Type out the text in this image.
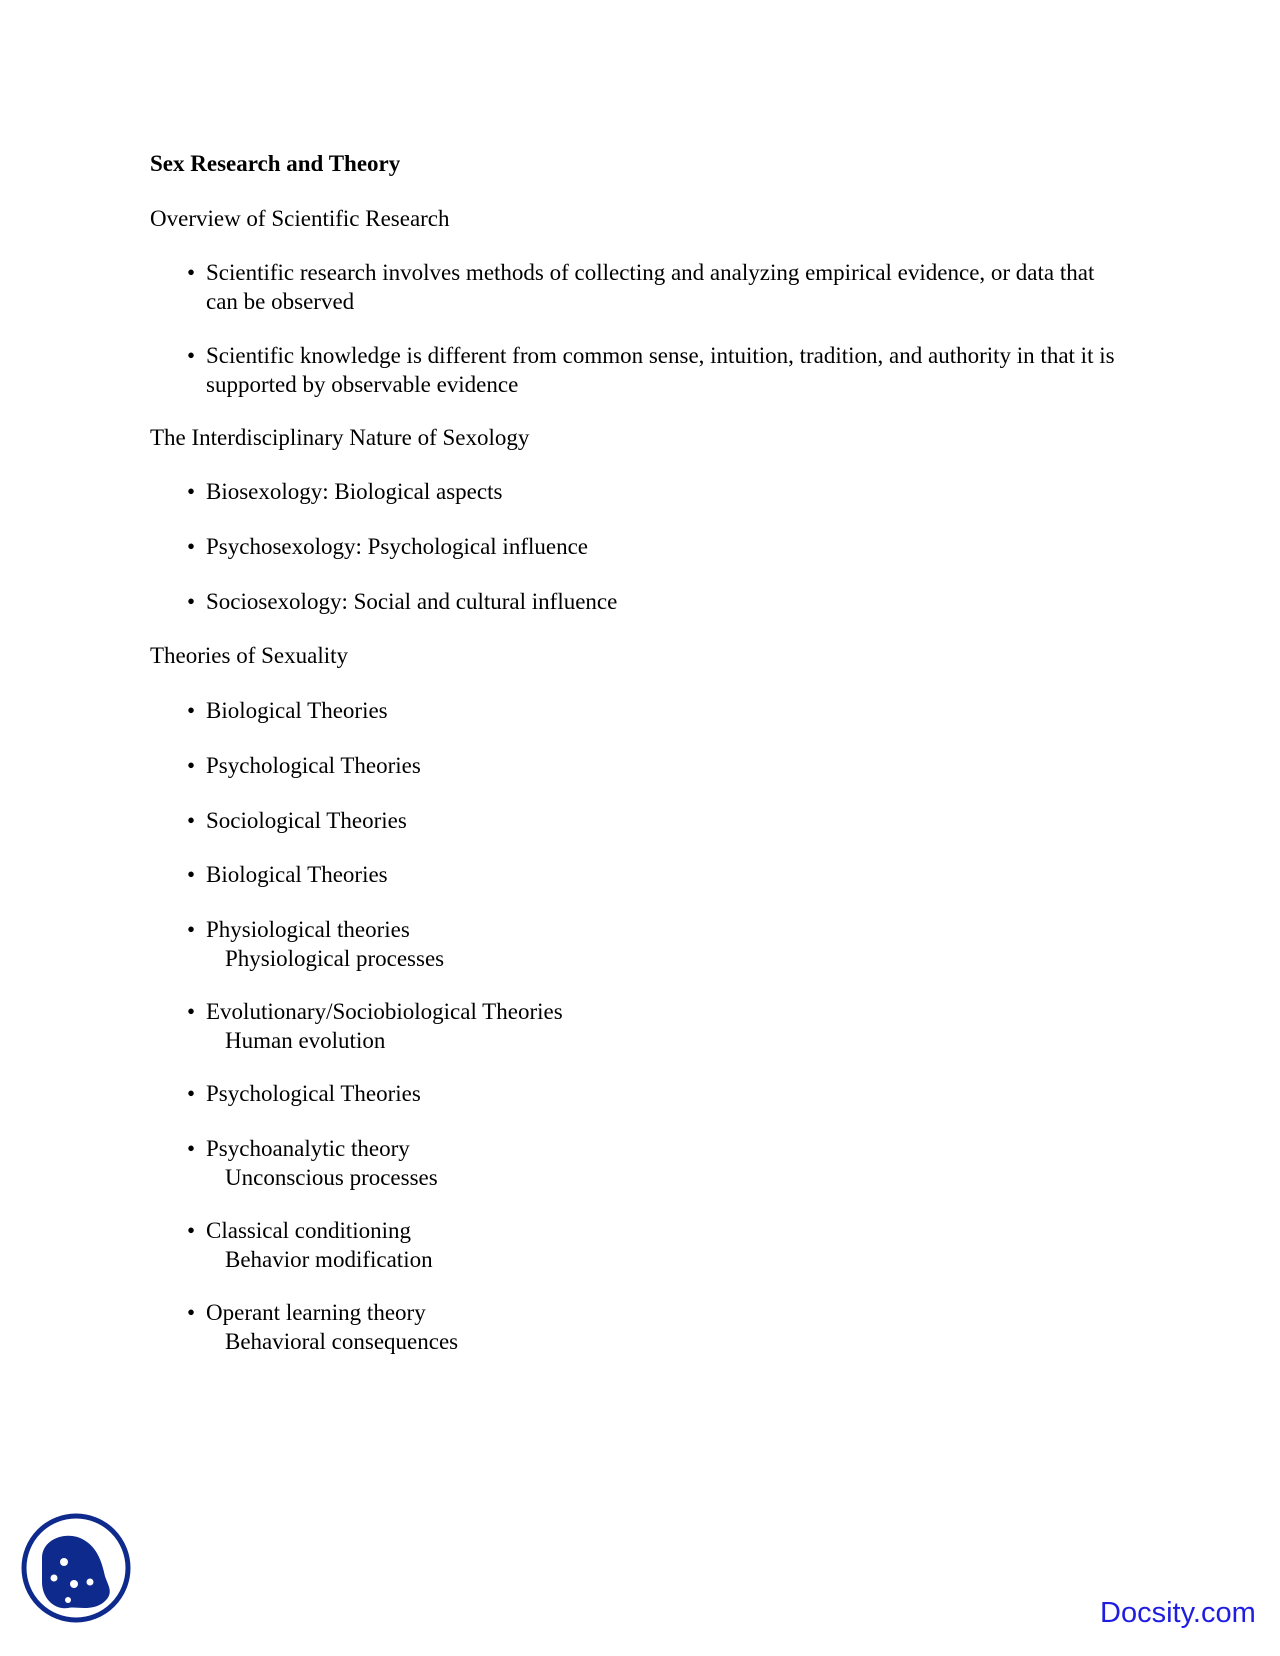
Sex Research and Theory
Overview of Scientific Research
• Scientific research involves methods of collecting and analyzing empirical evidence, or data that can be observed
• Scientific knowledge is different from common sense, intuition, tradition, and authority in that it is supported by observable evidence
The Interdisciplinary Nature of Sexology
• Biosexology: Biological aspects
• Psychosexology: Psychological influence
• Sociosexology: Social and cultural influence
Theories of Sexuality
• Biological Theories
• Psychological Theories
• Sociological Theories
• Biological Theories
• Physiological theories
Physiological processes
• Evolutionary/Sociobiological Theories
Human evolution
• Psychological Theories
• Psychoanalytic theory
Unconscious processes
• Classical conditioning
Behavior modification
• Operant learning theory
Behavioral consequences
Docsity.com
